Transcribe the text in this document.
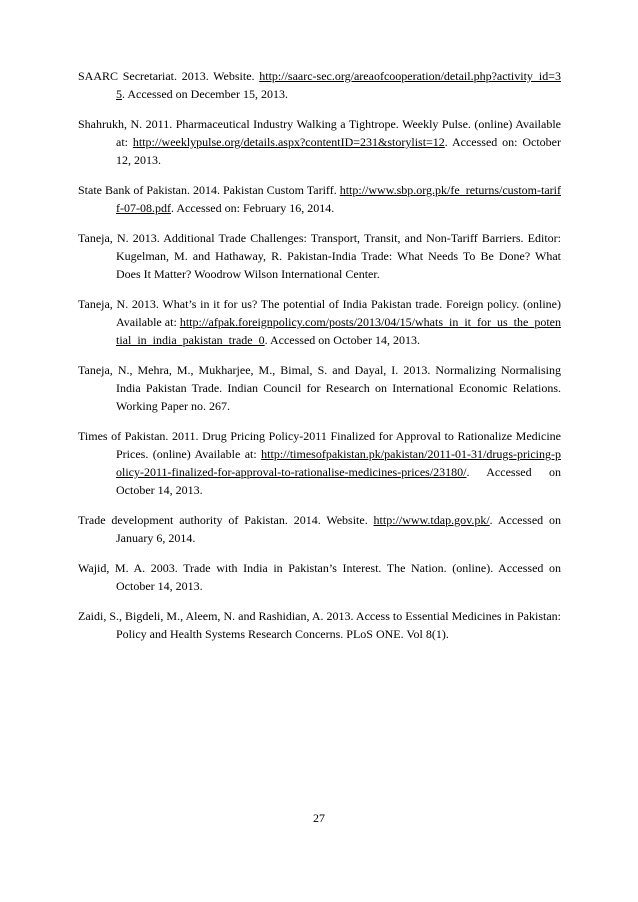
SAARC Secretariat. 2013. Website. http://saarc-sec.org/areaofcooperation/detail.php?activity_id=35. Accessed on December 15, 2013.

Shahrukh, N. 2011. Pharmaceutical Industry Walking a Tightrope. Weekly Pulse. (online) Available at: http://weeklypulse.org/details.aspx?contentID=231&storylist=12. Accessed on: October 12, 2013.

State Bank of Pakistan. 2014. Pakistan Custom Tariff. http://www.sbp.org.pk/fe_returns/custom-tariff-07-08.pdf. Accessed on: February 16, 2014.

Taneja, N. 2013. Additional Trade Challenges: Transport, Transit, and Non-Tariff Barriers. Editor: Kugelman, M. and Hathaway, R. Pakistan-India Trade: What Needs To Be Done? What Does It Matter? Woodrow Wilson International Center.

Taneja, N. 2013. What’s in it for us? The potential of India Pakistan trade. Foreign policy. (online) Available at: http://afpak.foreignpolicy.com/posts/2013/04/15/whats_in_it_for_us_the_potential_in_india_pakistan_trade_0. Accessed on October 14, 2013.

Taneja, N., Mehra, M., Mukharjee, M., Bimal, S. and Dayal, I. 2013. Normalizing Normalising India Pakistan Trade. Indian Council for Research on International Economic Relations. Working Paper no. 267.

Times of Pakistan. 2011. Drug Pricing Policy-2011 Finalized for Approval to Rationalize Medicine Prices. (online) Available at: http://timesofpakistan.pk/pakistan/2011-01-31/drugs-pricing-policy-2011-finalized-for-approval-to-rationalise-medicines-prices/23180/. Accessed on October 14, 2013.

Trade development authority of Pakistan. 2014. Website. http://www.tdap.gov.pk/. Accessed on January 6, 2014.

Wajid, M. A. 2003. Trade with India in Pakistan’s Interest. The Nation. (online). Accessed on October 14, 2013.

Zaidi, S., Bigdeli, M., Aleem, N. and Rashidian, A. 2013. Access to Essential Medicines in Pakistan: Policy and Health Systems Research Concerns. PLoS ONE. Vol 8(1).

27
